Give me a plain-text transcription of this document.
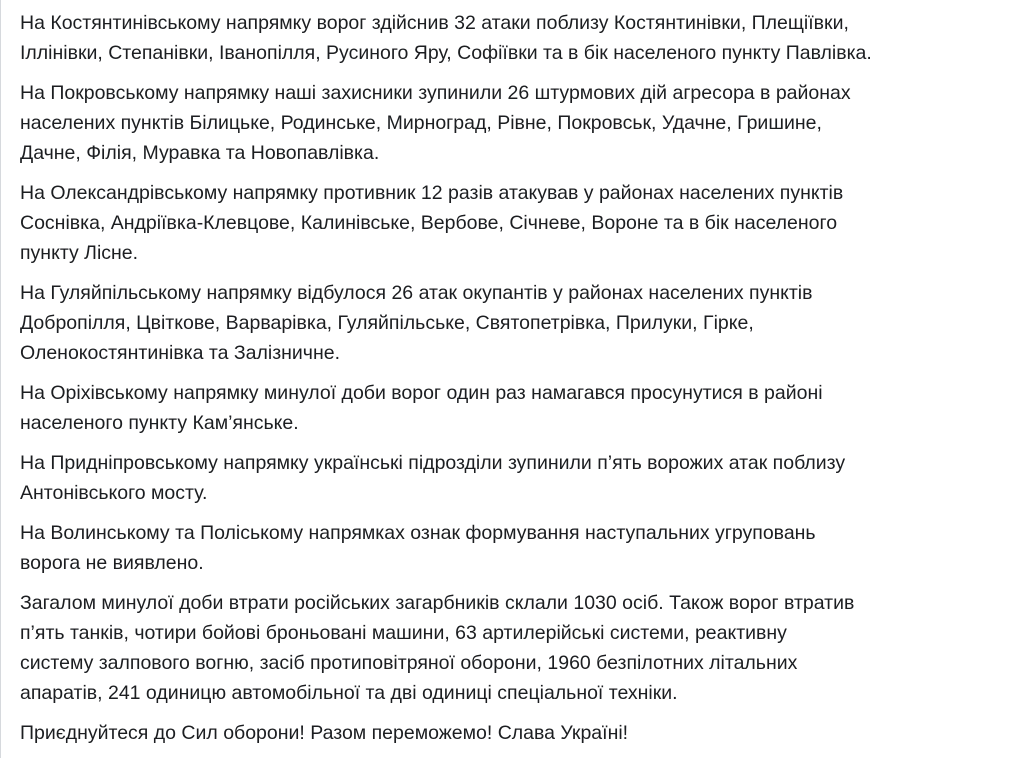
На Костянтинівському напрямку ворог здійснив 32 атаки поблизу Костянтинівки, Плещіївки,
Іллінівки, Степанівки, Іванопілля, Русиного Яру, Софіївки та в бік населеного пункту Павлівка.

На Покровському напрямку наші захисники зупинили 26 штурмових дій агресора в районах
населених пунктів Білицьке, Родинське, Мирноград, Рівне, Покровськ, Удачне, Гришине,
Дачне, Філія, Муравка та Новопавлівка.

На Олександрівському напрямку противник 12 разів атакував у районах населених пунктів
Соснівка, Андріївка-Клевцове, Калинівське, Вербове, Січневе, Вороне та в бік населеного
пункту Лісне.

На Гуляйпільському напрямку відбулося 26 атак окупантів у районах населених пунктів
Добропілля, Цвіткове, Варварівка, Гуляйпільське, Святопетрівка, Прилуки, Гірке,
Оленокостянтинівка та Залізничне.

На Оріхівському напрямку минулої доби ворог один раз намагався просунутися в районі
населеного пункту Кам’янське.

На Придніпровському напрямку українські підрозділи зупинили п’ять ворожих атак поблизу
Антонівського мосту.

На Волинському та Поліському напрямках ознак формування наступальних угруповань
ворога не виявлено.

Загалом минулої доби втрати російських загарбників склали 1030 осіб. Також ворог втратив
п’ять танків, чотири бойові броньовані машини, 63 артилерійські системи, реактивну
систему залпового вогню, засіб протиповітряної оборони, 1960 безпілотних літальних
апаратів, 241 одиницю автомобільної та дві одиниці спеціальної техніки.

Приєднуйтеся до Сил оборони! Разом переможемо! Слава Україні!
